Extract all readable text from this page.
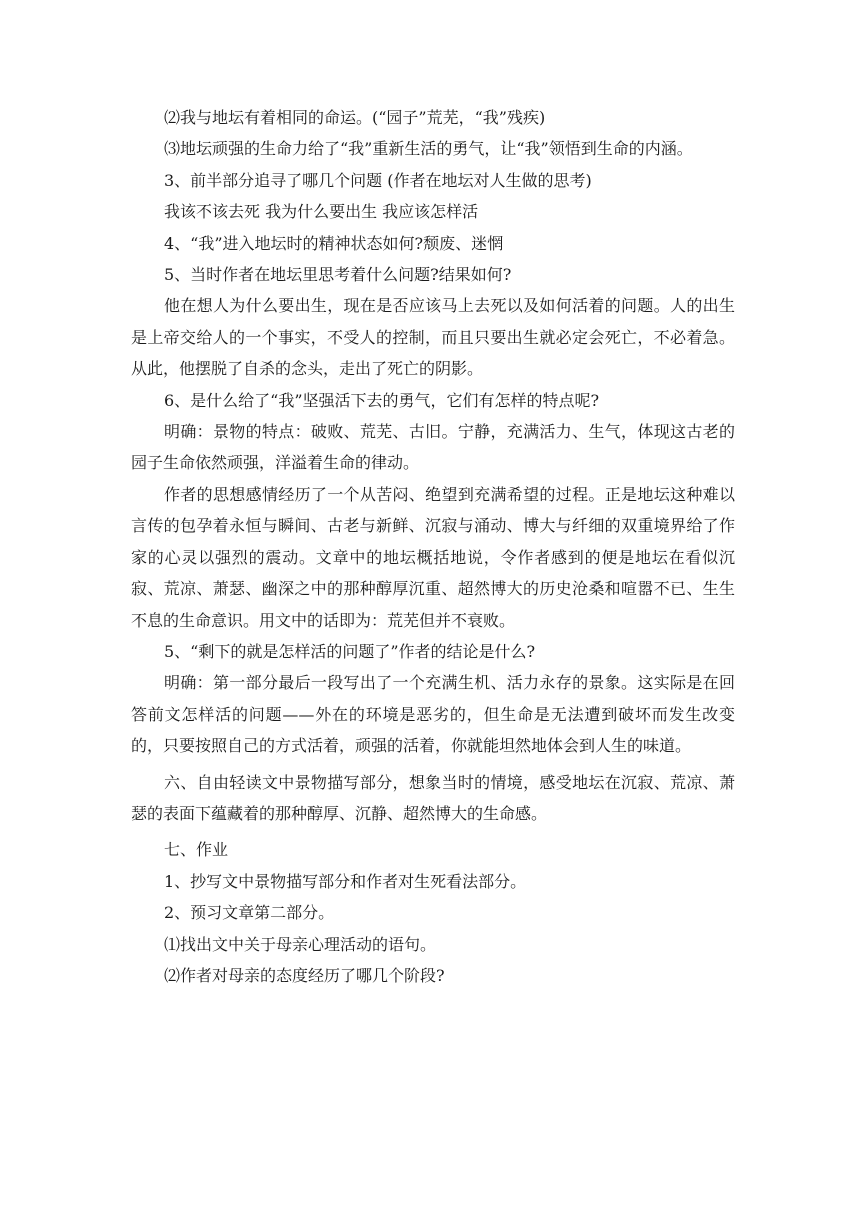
⑵我与地坛有着相同的命运。(“园子”荒芜，“我”残疾)

⑶地坛顽强的生命力给了“我”重新生活的勇气，让“我”领悟到生命的内涵。

3、前半部分追寻了哪几个问题 (作者在地坛对人生做的思考)

我该不该去死 我为什么要出生 我应该怎样活

4、“我”进入地坛时的精神状态如何?颓废、迷惘

5、当时作者在地坛里思考着什么问题?结果如何?

他在想人为什么要出生，现在是否应该马上去死以及如何活着的问题。人的出生是上帝交给人的一个事实，不受人的控制，而且只要出生就必定会死亡，不必着急。从此，他摆脱了自杀的念头，走出了死亡的阴影。

6、是什么给了“我”坚强活下去的勇气，它们有怎样的特点呢?

明确：景物的特点：破败、荒芜、古旧。宁静，充满活力、生气，体现这古老的园子生命依然顽强，洋溢着生命的律动。

作者的思想感情经历了一个从苦闷、绝望到充满希望的过程。正是地坛这种难以言传的包孕着永恒与瞬间、古老与新鲜、沉寂与涌动、博大与纤细的双重境界给了作家的心灵以强烈的震动。文章中的地坛概括地说，令作者感到的便是地坛在看似沉寂、荒凉、萧瑟、幽深之中的那种醇厚沉重、超然博大的历史沧桑和喧嚣不已、生生不息的生命意识。用文中的话即为：荒芜但并不衰败。

5、“剩下的就是怎样活的问题了”作者的结论是什么?

明确：第一部分最后一段写出了一个充满生机、活力永存的景象。这实际是在回答前文怎样活的问题——外在的环境是恶劣的，但生命是无法遭到破坏而发生改变的，只要按照自己的方式活着，顽强的活着，你就能坦然地体会到人生的味道。

六、自由轻读文中景物描写部分，想象当时的情境，感受地坛在沉寂、荒凉、萧瑟的表面下蕴藏着的那种醇厚、沉静、超然博大的生命感。

七、作业

1、抄写文中景物描写部分和作者对生死看法部分。

2、预习文章第二部分。

⑴找出文中关于母亲心理活动的语句。

⑵作者对母亲的态度经历了哪几个阶段?
